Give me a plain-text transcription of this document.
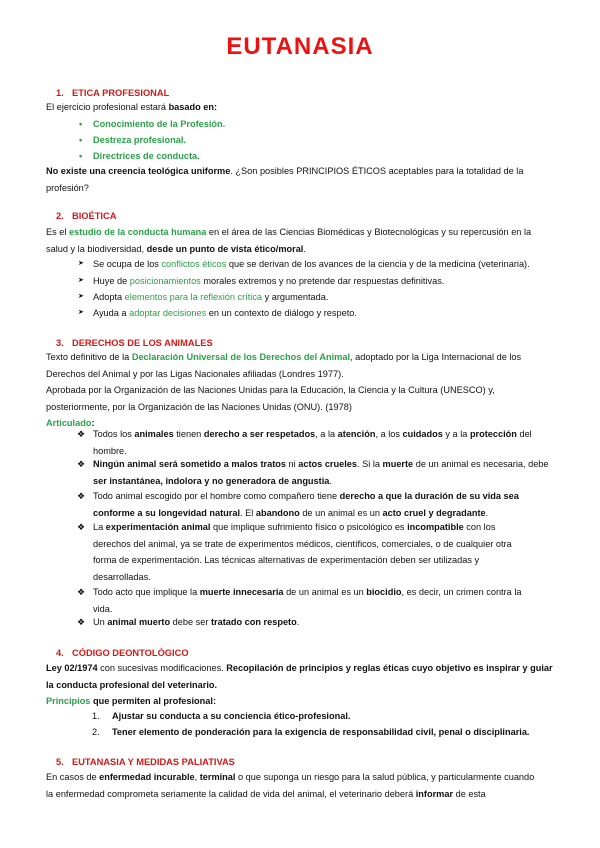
EUTANASIA
1. ETICA PROFESIONAL
El ejercicio profesional estará basado en:
• Conocimiento de la Profesión.
• Destreza profesional.
• Directrices de conducta.
No existe una creencia teológica uniforme. ¿Son posibles PRINCIPIOS ÉTICOS aceptables para la totalidad de la
profesión?
2. BIOÉTICA
Es el estudio de la conducta humana en el área de las Ciencias Biomédicas y Biotecnológicas y su repercusión en la
salud y la biodiversidad, desde un punto de vista ético/moral.
➤ Se ocupa de los conflictos éticos que se derivan de los avances de la ciencia y de la medicina (veterinaria).
➤ Huye de posicionamientos morales extremos y no pretende dar respuestas definitivas.
➤ Adopta elementos para la reflexión crítica y argumentada.
➤ Ayuda a adoptar decisiones en un contexto de diálogo y respeto.
3. DERECHOS DE LOS ANIMALES
Texto definitivo de la Declaración Universal de los Derechos del Animal, adoptado por la Liga Internacional de los
Derechos del Animal y por las Ligas Nacionales afiliadas (Londres 1977).
Aprobada por la Organización de las Naciones Unidas para la Educación, la Ciencia y la Cultura (UNESCO) y,
posteriormente, por la Organización de las Naciones Unidas (ONU). (1978)
Articulado:
❖ Todos los animales tienen derecho a ser respetados, a la atención, a los cuidados y a la protección del
hombre.
❖ Ningún animal será sometido a malos tratos ni actos crueles. Si la muerte de un animal es necesaria, debe
ser instantánea, indolora y no generadora de angustia.
❖ Todo animal escogido por el hombre como compañero tiene derecho a que la duración de su vida sea
conforme a su longevidad natural. El abandono de un animal es un acto cruel y degradante.
❖ La experimentación animal que implique sufrimiento físico o psicológico es incompatible con los
derechos del animal, ya se trate de experimentos médicos, científicos, comerciales, o de cualquier otra
forma de experimentación. Las técnicas alternativas de experimentación deben ser utilizadas y
desarrolladas.
❖ Todo acto que implique la muerte innecesaria de un animal es un biocidio, es decir, un crimen contra la
vida.
❖ Un animal muerto debe ser tratado con respeto.
4. CÓDIGO DEONTOLÓGICO
Ley 02/1974 con sucesivas modificaciones. Recopilación de principios y reglas éticas cuyo objetivo es inspirar y guiar
la conducta profesional del veterinario.
Principios que permiten al profesional:
1. Ajustar su conducta a su conciencia ético-profesional.
2. Tener elemento de ponderación para la exigencia de responsabilidad civil, penal o disciplinaria.
5. EUTANASIA Y MEDIDAS PALIATIVAS
En casos de enfermedad incurable, terminal o que suponga un riesgo para la salud pública, y particularmente cuando
la enfermedad comprometa seriamente la calidad de vida del animal, el veterinario deberá informar de esta
